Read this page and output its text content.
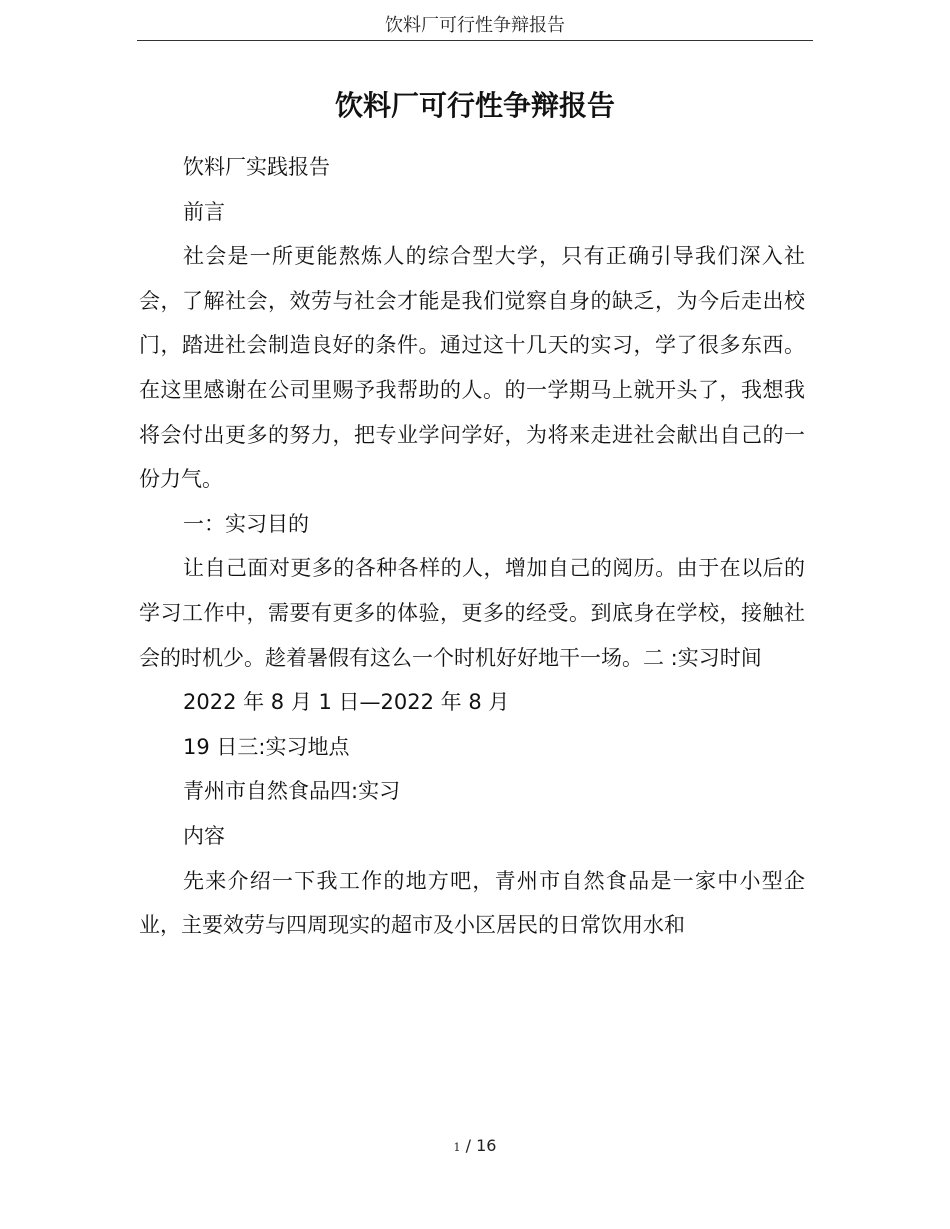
饮料厂可行性争辩报告
饮料厂可行性争辩报告

饮料厂实践报告

前言

社会是一所更能熬炼人的综合型大学，只有正确引导我们深入社会，了解社会，效劳与社会才能是我们觉察自身的缺乏，为今后走出校门，踏进社会制造良好的条件。通过这十几天的实习，学了很多东西。在这里感谢在公司里赐予我帮助的人。的一学期马上就开头了，我想我将会付出更多的努力，把专业学问学好，为将来走进社会献出自己的一份力气。

一：实习目的

让自己面对更多的各种各样的人，增加自己的阅历。由于在以后的学习工作中，需要有更多的体验，更多的经受。到底身在学校，接触社会的时机少。趁着暑假有这么一个时机好好地干一场。二 :实习时间

2022 年 8 月 1 日—2022 年 8 月

19 日三:实习地点

青州市自然食品四:实习

内容

先来介绍一下我工作的地方吧，青州市自然食品是一家中小型企业，主要效劳与四周现实的超市及小区居民的日常饮用水和

1 / 16
